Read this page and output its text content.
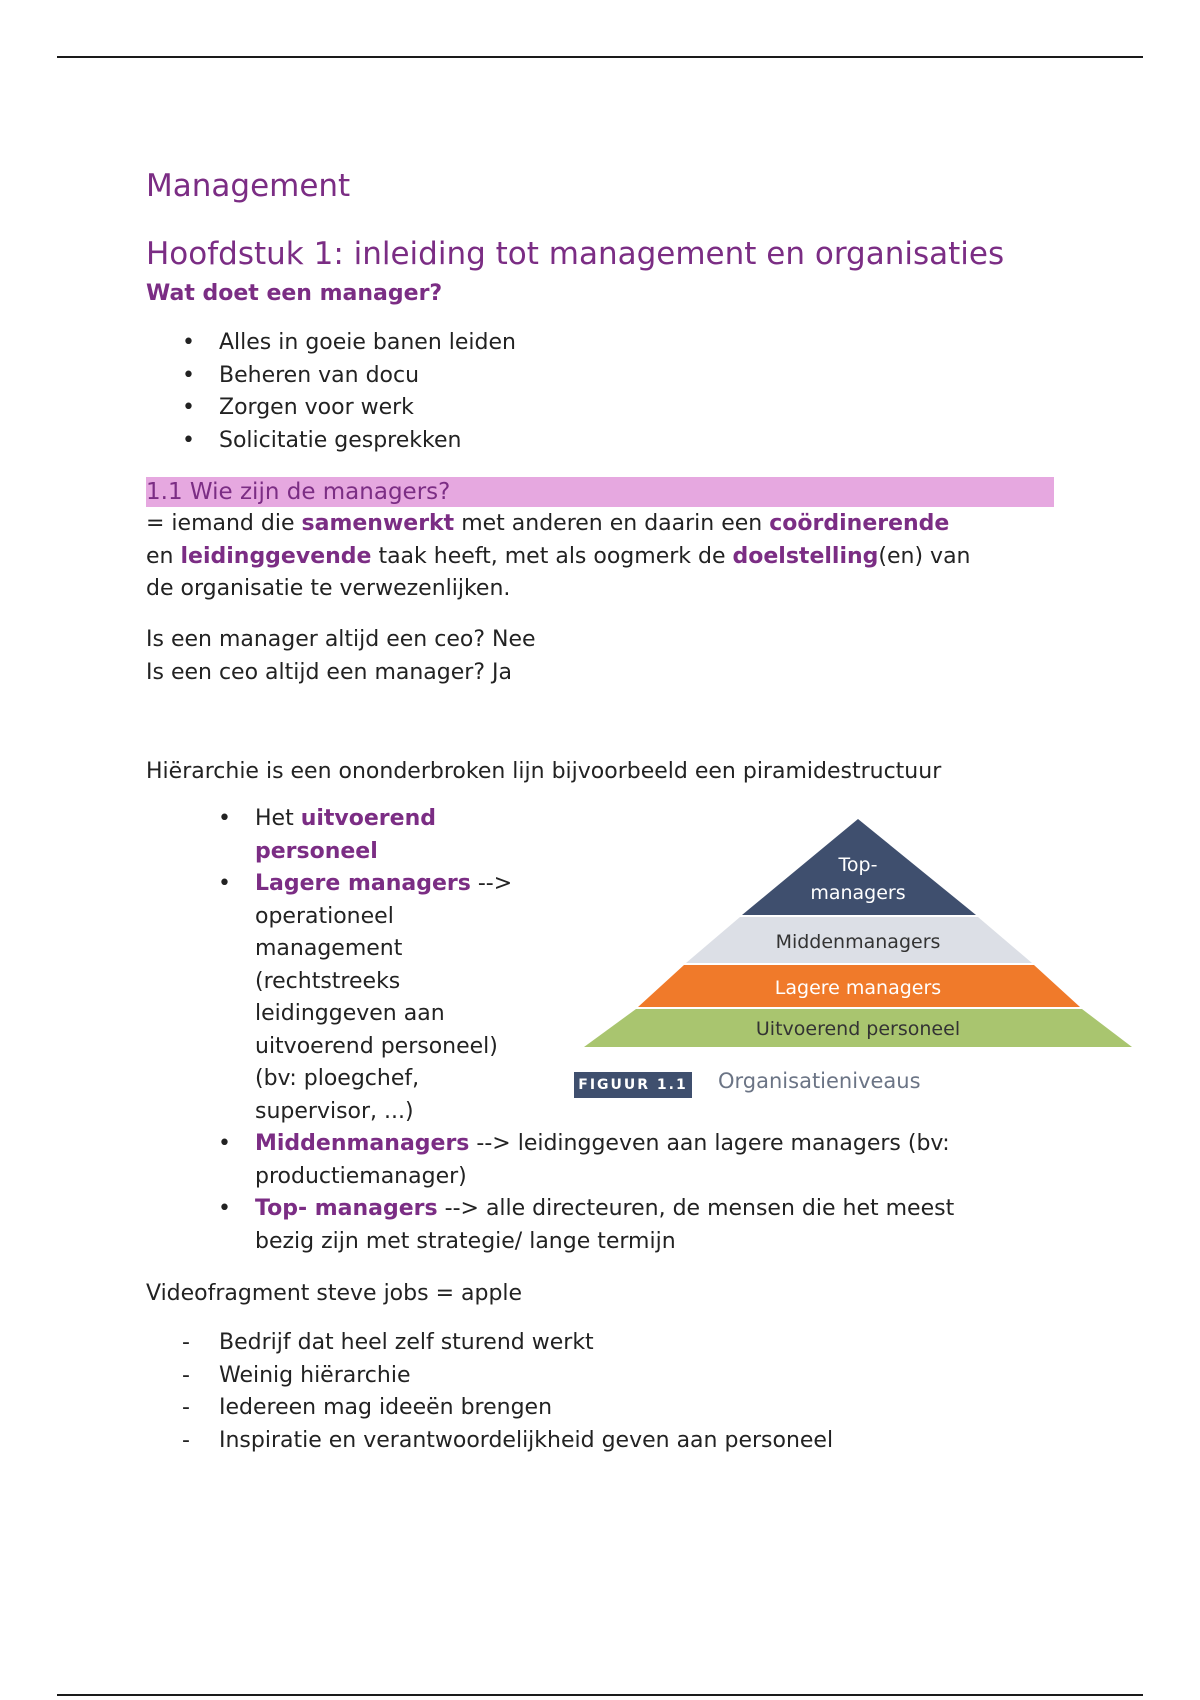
Management
Hoofdstuk 1: inleiding tot management en organisaties
Wat doet een manager?
• Alles in goeie banen leiden
• Beheren van docu
• Zorgen voor werk
• Solicitatie gesprekken
1.1 Wie zijn de managers?
= iemand die samenwerkt met anderen en daarin een coördinerende
en leidinggevende taak heeft, met als oogmerk de doelstelling(en) van
de organisatie te verwezenlijken.
Is een manager altijd een ceo? Nee
Is een ceo altijd een manager? Ja
Hiërarchie is een ononderbroken lijn bijvoorbeeld een piramidestructuur
• Het uitvoerend
personeel
• Lagere managers -->
operationeel
management
(rechtstreeks
leidinggeven aan
uitvoerend personeel)
(bv: ploegchef,
supervisor, ...)
• Middenmanagers --> leidinggeven aan lagere managers (bv:
productiemanager)
• Top- managers --> alle directeuren, de mensen die het meest
bezig zijn met strategie/ lange termijn
Top-
managers
Middenmanagers
Lagere managers
Uitvoerend personeel
FIGUUR 1.1 Organisatieniveaus
Videofragment steve jobs = apple
- Bedrijf dat heel zelf sturend werkt
- Weinig hiërarchie
- Iedereen mag ideeën brengen
- Inspiratie en verantwoordelijkheid geven aan personeel
